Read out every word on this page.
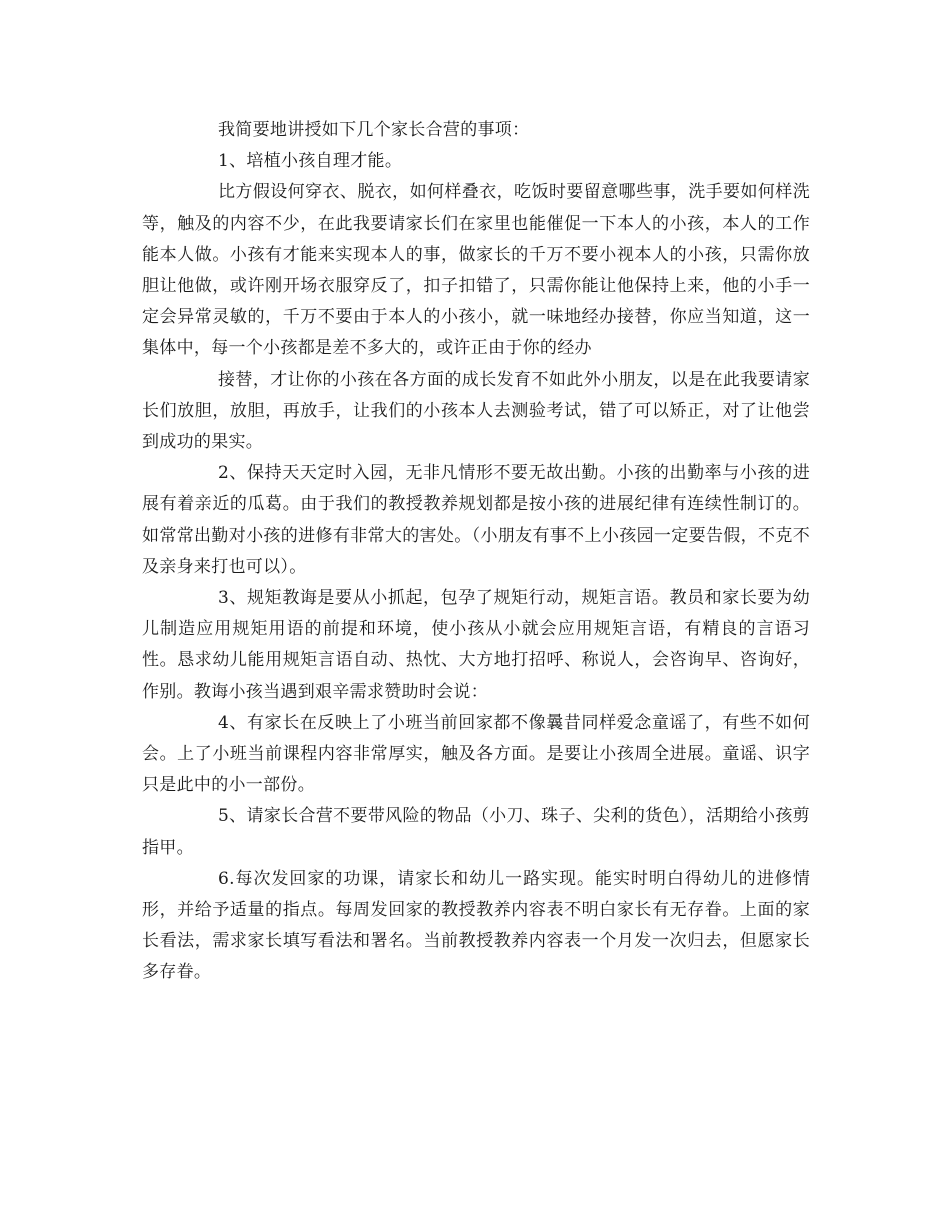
我简要地讲授如下几个家长合营的事项：

1、培植小孩自理才能。

比方假设何穿衣、脱衣，如何样叠衣，吃饭时要留意哪些事，洗手要如何样洗等，触及的内容不少，在此我要请家长们在家里也能催促一下本人的小孩，本人的工作能本人做。小孩有才能来实现本人的事，做家长的千万不要小视本人的小孩，只需你放胆让他做，或许刚开场衣服穿反了，扣子扣错了，只需你能让他保持上来，他的小手一定会异常灵敏的，千万不要由于本人的小孩小，就一味地经办接替，你应当知道，这一集体中，每一个小孩都是差不多大的，或许正由于你的经办

接替，才让你的小孩在各方面的成长发育不如此外小朋友，以是在此我要请家长们放胆，放胆，再放手，让我们的小孩本人去测验考试，错了可以矫正，对了让他尝到成功的果实。

2、保持天天定时入园，无非凡情形不要无故出勤。小孩的出勤率与小孩的进展有着亲近的瓜葛。由于我们的教授教养规划都是按小孩的进展纪律有连续性制订的。如常常出勤对小孩的进修有非常大的害处。（小朋友有事不上小孩园一定要告假，不克不及亲身来打也可以）。

3、规矩教诲是要从小抓起，包孕了规矩行动，规矩言语。教员和家长要为幼儿制造应用规矩用语的前提和环境，使小孩从小就会应用规矩言语，有精良的言语习性。恳求幼儿能用规矩言语自动、热忱、大方地打招呼、称说人，会咨询早、咨询好，作别。教诲小孩当遇到艰辛需求赞助时会说：

4、有家长在反映上了小班当前回家都不像曩昔同样爱念童谣了，有些不如何会。上了小班当前课程内容非常厚实，触及各方面。是要让小孩周全进展。童谣、识字只是此中的小一部份。

5、请家长合营不要带风险的物品（小刀、珠子、尖利的货色），活期给小孩剪指甲。

6.每次发回家的功课，请家长和幼儿一路实现。能实时明白得幼儿的进修情形，并给予适量的指点。每周发回家的教授教养内容表不明白家长有无存眷。上面的家长看法，需求家长填写看法和署名。当前教授教养内容表一个月发一次归去，但愿家长多存眷。
